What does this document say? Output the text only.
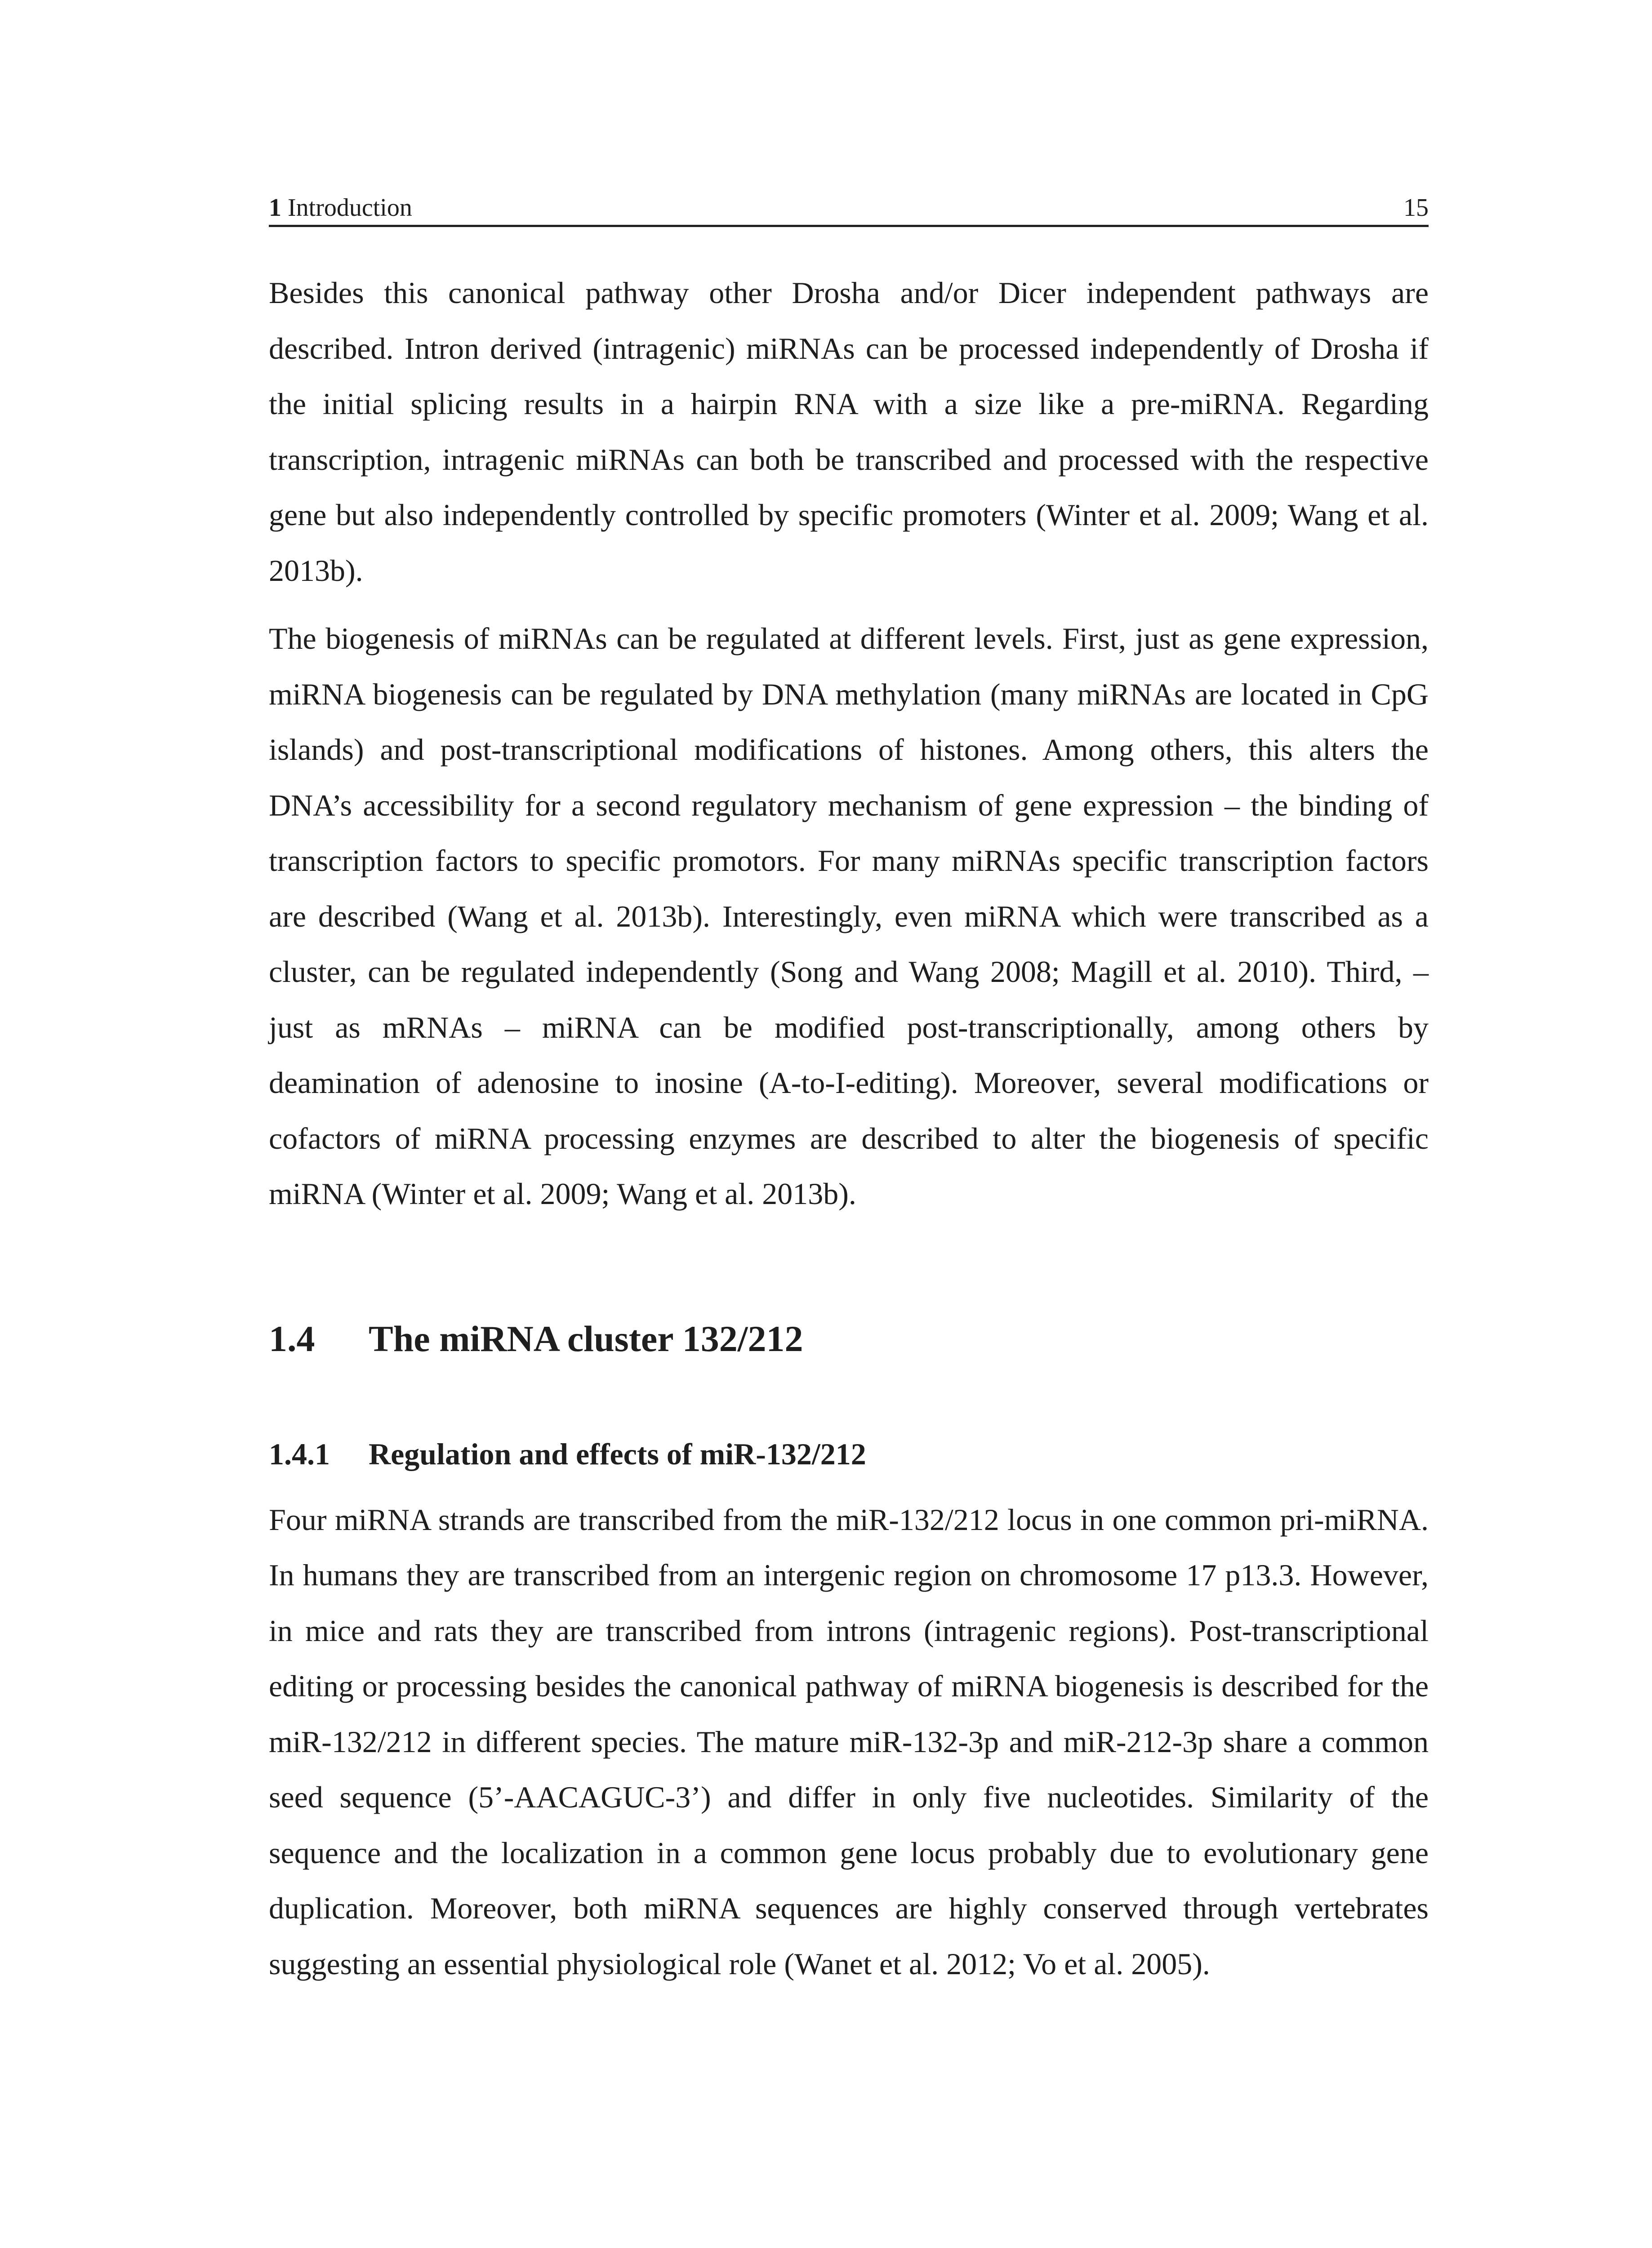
1 Introduction	15

Besides this canonical pathway other Drosha and/or Dicer independent pathways are described. Intron derived (intragenic) miRNAs can be processed independently of Drosha if the initial splicing results in a hairpin RNA with a size like a pre-miRNA. Regarding transcription, intragenic miRNAs can both be transcribed and processed with the respective gene but also independently controlled by specific promoters (Winter et al. 2009; Wang et al. 2013b).

The biogenesis of miRNAs can be regulated at different levels. First, just as gene expression, miRNA biogenesis can be regulated by DNA methylation (many miRNAs are located in CpG islands) and post-transcriptional modifications of histones. Among others, this alters the DNA’s accessibility for a second regulatory mechanism of gene expression – the binding of transcription factors to specific promotors. For many miRNAs specific transcription factors are described (Wang et al. 2013b). Interestingly, even miRNA which were transcribed as a cluster, can be regulated independently (Song and Wang 2008; Magill et al. 2010). Third, – just as mRNAs – miRNA can be modified post-transcriptionally, among others by deamination of adenosine to inosine (A-to-I-editing). Moreover, several modifications or cofactors of miRNA processing enzymes are described to alter the biogenesis of specific miRNA (Winter et al. 2009; Wang et al. 2013b).

1.4	The miRNA cluster 132/212
1.4.1	Regulation and effects of miR-132/212

Four miRNA strands are transcribed from the miR-132/212 locus in one common pri-miRNA. In humans they are transcribed from an intergenic region on chromosome 17 p13.3. However, in mice and rats they are transcribed from introns (intragenic regions). Post-transcriptional editing or processing besides the canonical pathway of miRNA biogenesis is described for the miR-132/212 in different species. The mature miR-132-3p and miR-212-3p share a common seed sequence (5’-AACAGUC-3’) and differ in only five nucleotides. Similarity of the sequence and the localization in a common gene locus probably due to evolutionary gene duplication. Moreover, both miRNA sequences are highly conserved through vertebrates suggesting an essential physiological role (Wanet et al. 2012; Vo et al. 2005).
